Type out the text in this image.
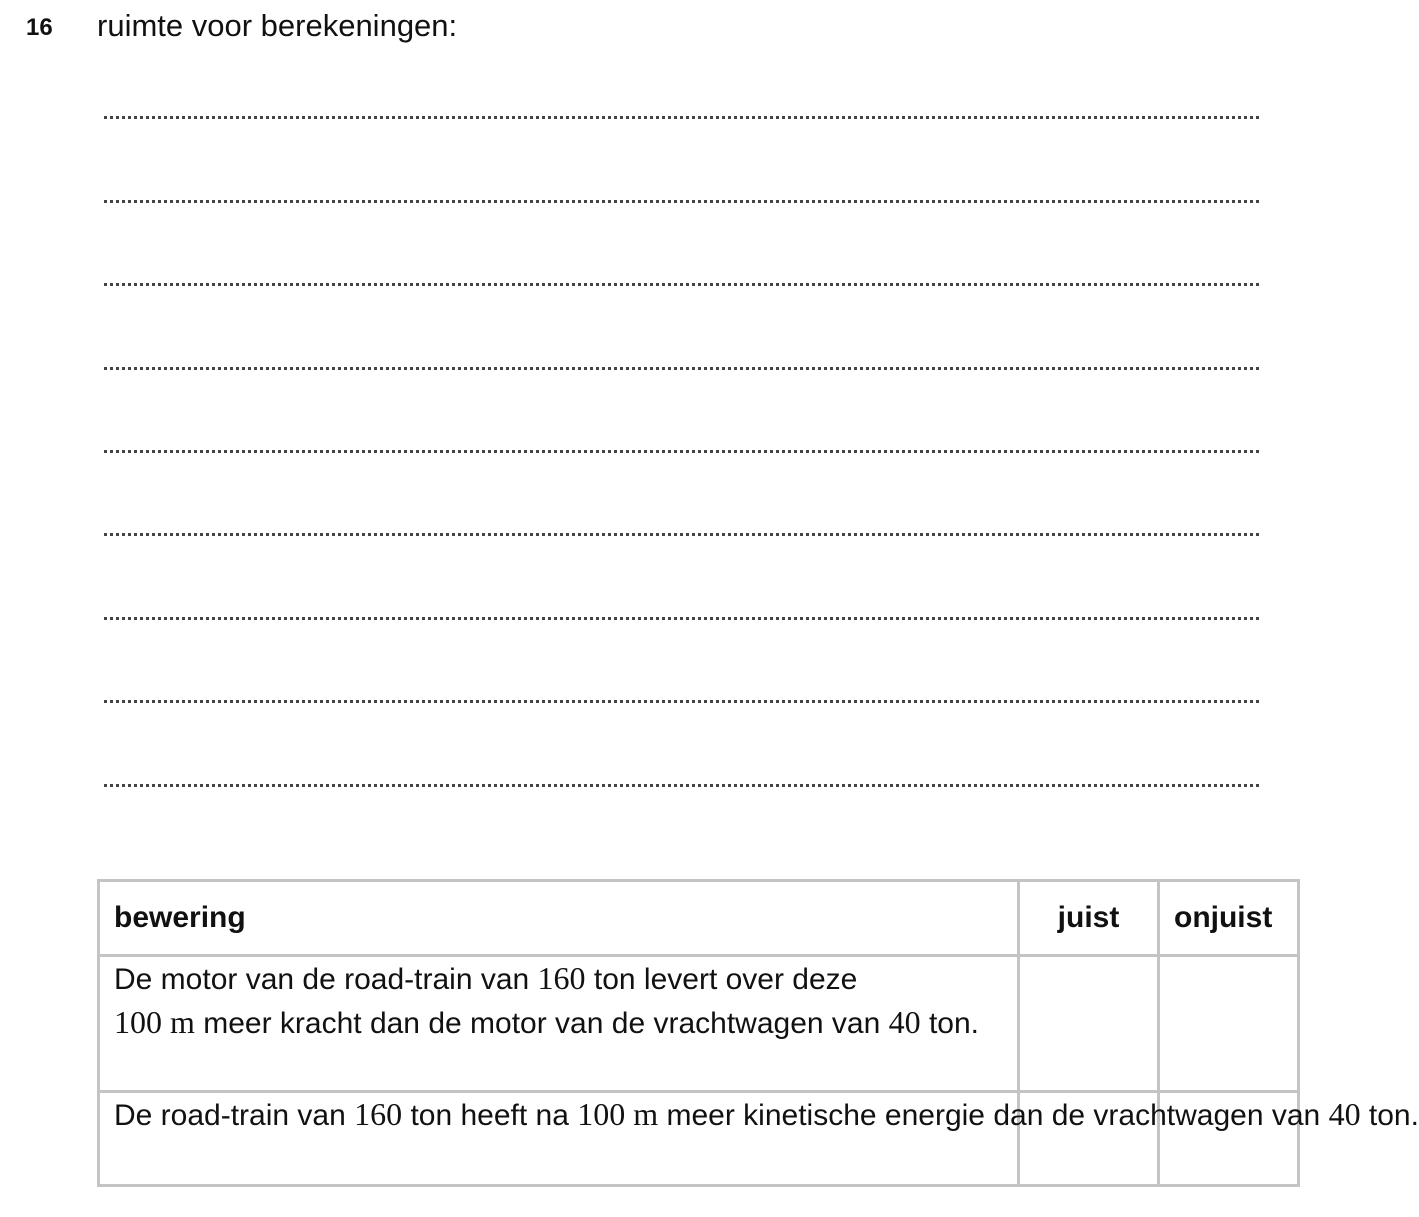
16 ruimte voor berekeningen:
bewering	juist	onjuist
De motor van de road-train van 160 ton levert over deze
100 m meer kracht dan de motor van de vrachtwagen van 40 ton.		
De road-train van 160 ton heeft na 100 m meer kinetische energie dan de vrachtwagen van 40 ton.		
